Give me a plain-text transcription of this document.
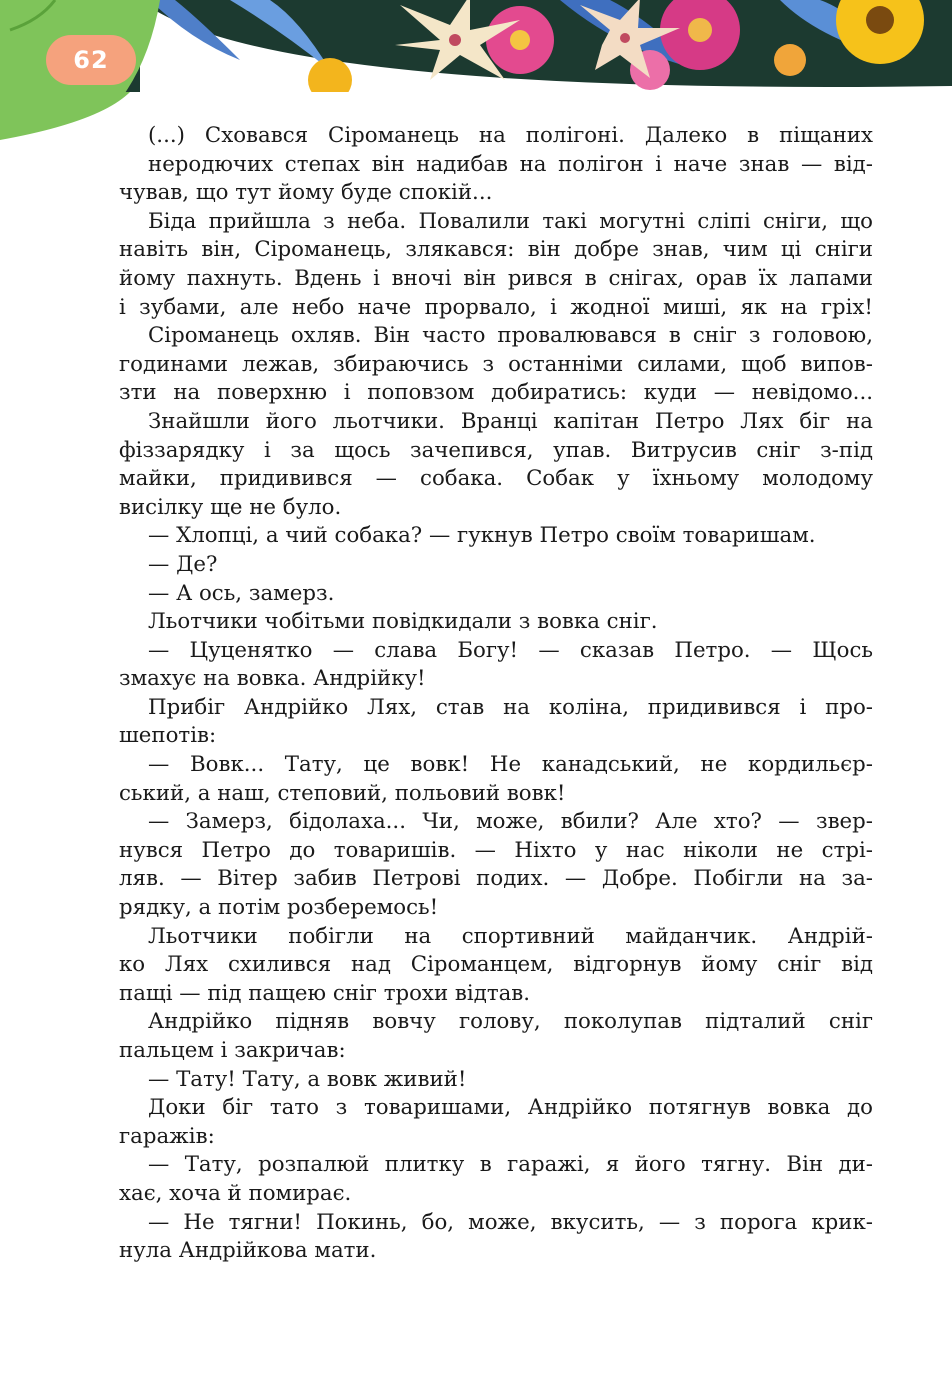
62

(...) Сховався Сіроманець на полігоні. Далеко в піщаних
неродючих степах він надибав на полігон і наче знав — від-

чував, що тут йому буде спокій...

Біда прийшла з неба. Повалили такі могутні сліпі сніги, що

навіть він, Сіроманець, злякався: він добре знав, чим ці сніги

йому пахнуть. Вдень і вночі він рився в снігах, орав їх лапами

і зубами, але небо наче прорвало, і жодної миші, як на гріх!

Сіроманець охляв. Він часто провалювався в сніг з головою,

годинами лежав, збираючись з останніми силами, щоб випов-

зти на поверхню і поповзом добиратись: куди — невідомо...

Знайшли його льотчики. Вранці капітан Петро Лях біг на

фіззарядку і за щось зачепився, упав. Витрусив сніг з-під

майки, придивився — собака. Собак у їхньому молодому

висілку ще не було.

— Хлопці, а чий собака? — гукнув Петро своїм товаришам.

— Де?

— А ось, замерз.

Льотчики чобітьми повідкидали з вовка сніг.

— Цуценятко — слава Богу! — сказав Петро. — Щось

змахує на вовка. Андрійку!

Прибіг Андрійко Лях, став на коліна, придивився і про-

шепотів:

— Вовк... Тату, це вовк! Не канадський, не кордильєр-

ський, а наш, степовий, польовий вовк!

— Замерз, бідолаха... Чи, може, вбили? Але хто? — звер-

нувся Петро до товаришів. — Ніхто у нас ніколи не стрі-

ляв. — Вітер забив Петрові подих. — Добре. Побігли на за-

рядку, а потім розберемось!

Льотчики побігли на спортивний майданчик. Андрій-

ко Лях схилився над Сіроманцем, відгорнув йому сніг від

пащі — під пащею сніг трохи відтав.

Андрійко підняв вовчу голову, поколупав підталий сніг

пальцем і закричав:

— Тату! Тату, а вовк живий!

Доки біг тато з товаришами, Андрійко потягнув вовка до

гаражів:

— Тату, розпалюй плитку в гаражі, я його тягну. Він ди-

хає, хоча й помирає.

— Не тягни! Покинь, бо, може, вкусить, — з порога крик-

нула Андрійкова мати.
